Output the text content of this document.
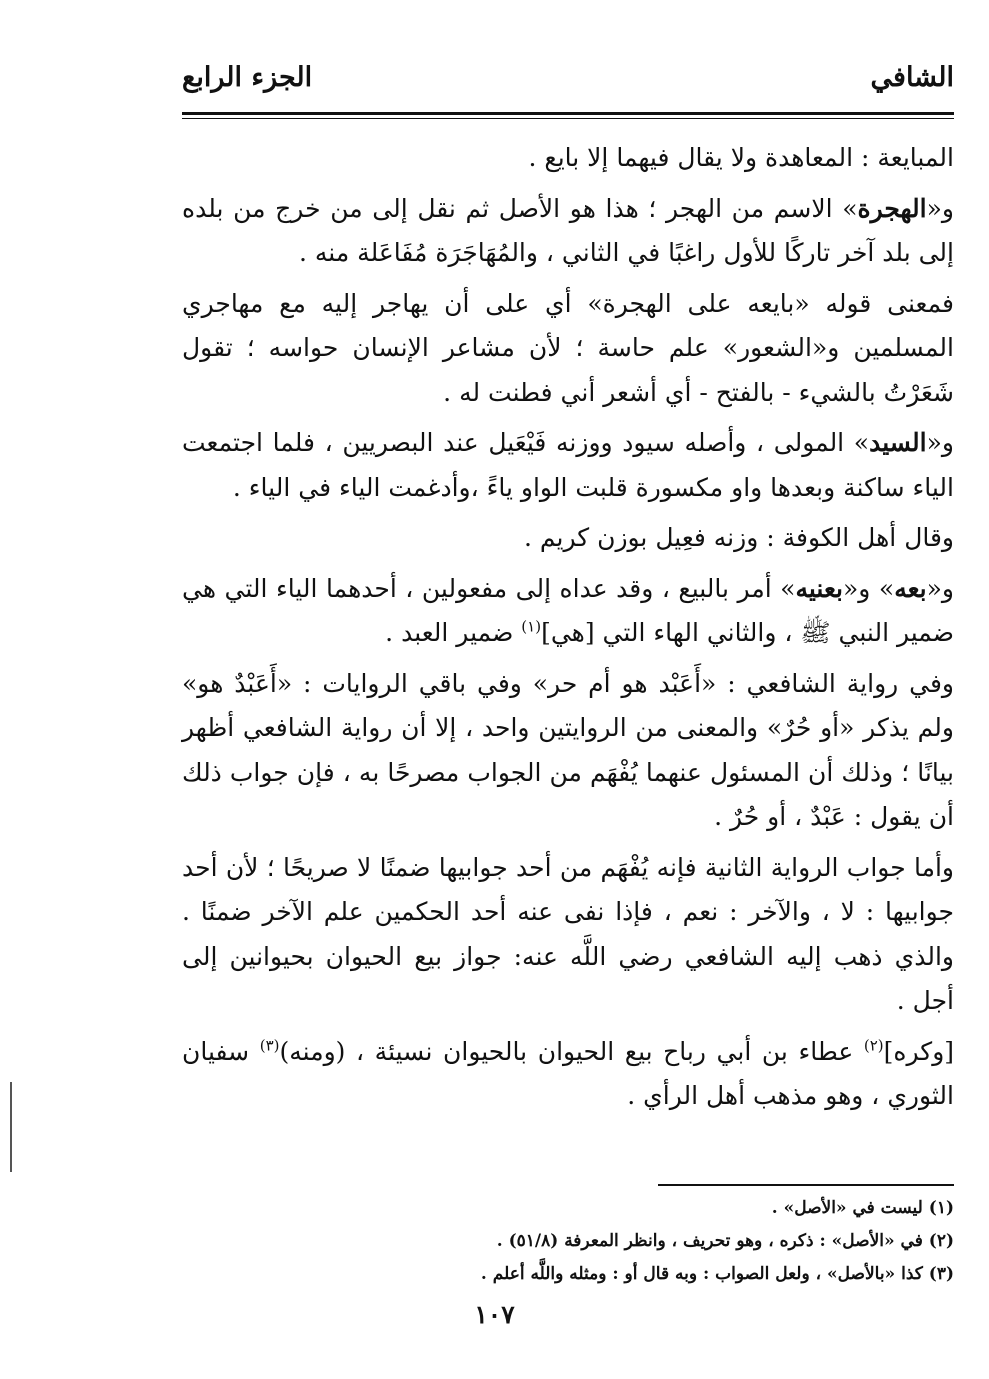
الشافي
الجزء الرابع

المبايعة : المعاهدة ولا يقال فيهما إلا بايع .

و«الهجرة» الاسم من الهجر ؛ هذا هو الأصل ثم نقل إلى من خرج من بلده إلى بلد آخر تاركًا للأول راغبًا في الثاني ، والمُهَاجَرَة مُفَاعَلة منه .

فمعنى قوله «بايعه على الهجرة» أي على أن يهاجر إليه مع مهاجري المسلمين و«الشعور» علم حاسة ؛ لأن مشاعر الإنسان حواسه ؛ تقول شَعَرْتُ بالشيء - بالفتح - أي أشعر أني فطنت له .

و«السيد» المولى ، وأصله سيود ووزنه فَيْعَيل عند البصريين ، فلما اجتمعت الياء ساكنة وبعدها واو مكسورة قلبت الواو ياءً ،وأدغمت الياء في الياء .

وقال أهل الكوفة : وزنه فعِيل بوزن كريم .

و«بعه» و«بعنيه» أمر بالبيع ، وقد عداه إلى مفعولين ، أحدهما الياء التي هي ضمير النبي ﷺ ، والثاني الهاء التي [هي]$^{(١)}$ ضمير العبد .

وفي رواية الشافعي : «أَعَبْد هو أم حر» وفي باقي الروايات : «أَعَبْدٌ هو» ولم يذكر «أو حُرٌ» والمعنى من الروايتين واحد ، إلا أن رواية الشافعي أظهر بيانًا ؛ وذلك أن المسئول عنهما يُفْهَم من الجواب مصرحًا به ، فإن جواب ذلك أن يقول : عَبْدٌ ، أو حُرٌ .

وأما جواب الرواية الثانية فإنه يُفْهَم من أحد جوابيها ضمنًا لا صريحًا ؛ لأن أحد جوابيها : لا ، والآخر : نعم ، فإذا نفى عنه أحد الحكمين علم الآخر ضمنًا . والذي ذهب إليه الشافعي رضي اللَّه عنه: جواز بيع الحيوان بحيوانين إلى أجل .

[وكره]$^{(٢)}$ عطاء بن أبي رباح بيع الحيوان بالحيوان نسيئة ، (ومنه)$^{(٣)}$ سفيان الثوري ، وهو مذهب أهل الرأي .

(١) ليست في «الأصل» .
(٢) في «الأصل» : ذكره ، وهو تحريف ، وانظر المعرفة (٥١/٨) .
(٣) كذا «بالأصل» ، ولعل الصواب : وبه قال أو : ومثله واللَّه أعلم .
١٠٧
